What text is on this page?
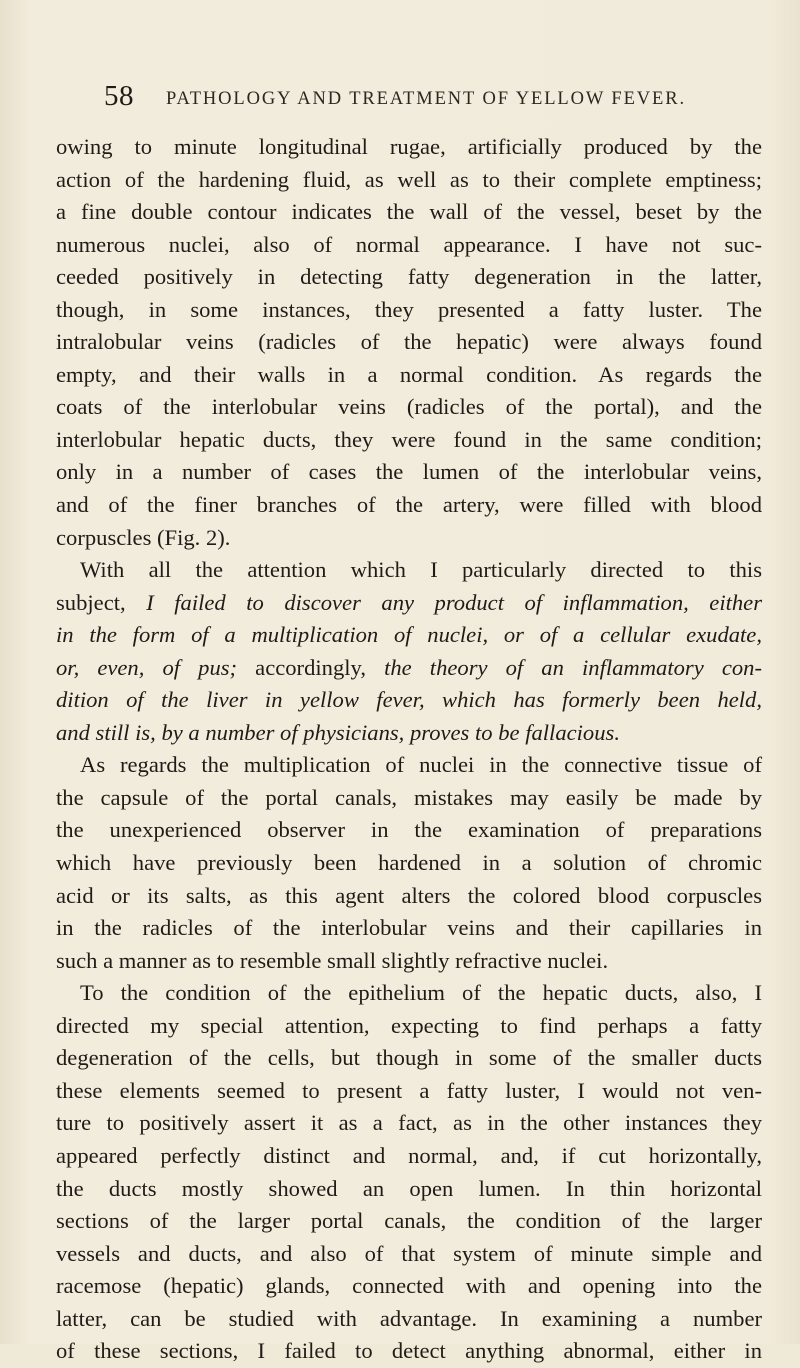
58 PATHOLOGY AND TREATMENT OF YELLOW FEVER.
owing to minute longitudinal rugae, artificially produced by the
action of the hardening fluid, as well as to their complete emptiness;
a fine double contour indicates the wall of the vessel, beset by the
numerous nuclei, also of normal appearance. I have not suc-
ceeded positively in detecting fatty degeneration in the latter,
though, in some instances, they presented a fatty luster. The
intralobular veins (radicles of the hepatic) were always found
empty, and their walls in a normal condition. As regards the
coats of the interlobular veins (radicles of the portal), and the
interlobular hepatic ducts, they were found in the same condition;
only in a number of cases the lumen of the interlobular veins,
and of the finer branches of the artery, were filled with blood
corpuscles (Fig. 2).
With all the attention which I particularly directed to this
subject, I failed to discover any product of inflammation, either
in the form of a multiplication of nuclei, or of a cellular exudate,
or, even, of pus; accordingly, the theory of an inflammatory con-
dition of the liver in yellow fever, which has formerly been held,
and still is, by a number of physicians, proves to be fallacious.
As regards the multiplication of nuclei in the connective tissue of
the capsule of the portal canals, mistakes may easily be made by
the unexperienced observer in the examination of preparations
which have previously been hardened in a solution of chromic
acid or its salts, as this agent alters the colored blood corpuscles
in the radicles of the interlobular veins and their capillaries in
such a manner as to resemble small slightly refractive nuclei.
To the condition of the epithelium of the hepatic ducts, also, I
directed my special attention, expecting to find perhaps a fatty
degeneration of the cells, but though in some of the smaller ducts
these elements seemed to present a fatty luster, I would not ven-
ture to positively assert it as a fact, as in the other instances they
appeared perfectly distinct and normal, and, if cut horizontally,
the ducts mostly showed an open lumen. In thin horizontal
sections of the larger portal canals, the condition of the larger
vessels and ducts, and also of that system of minute simple and
racemose (hepatic) glands, connected with and opening into the
latter, can be studied with advantage. In examining a number
of these sections, I failed to detect anything abnormal, either in
